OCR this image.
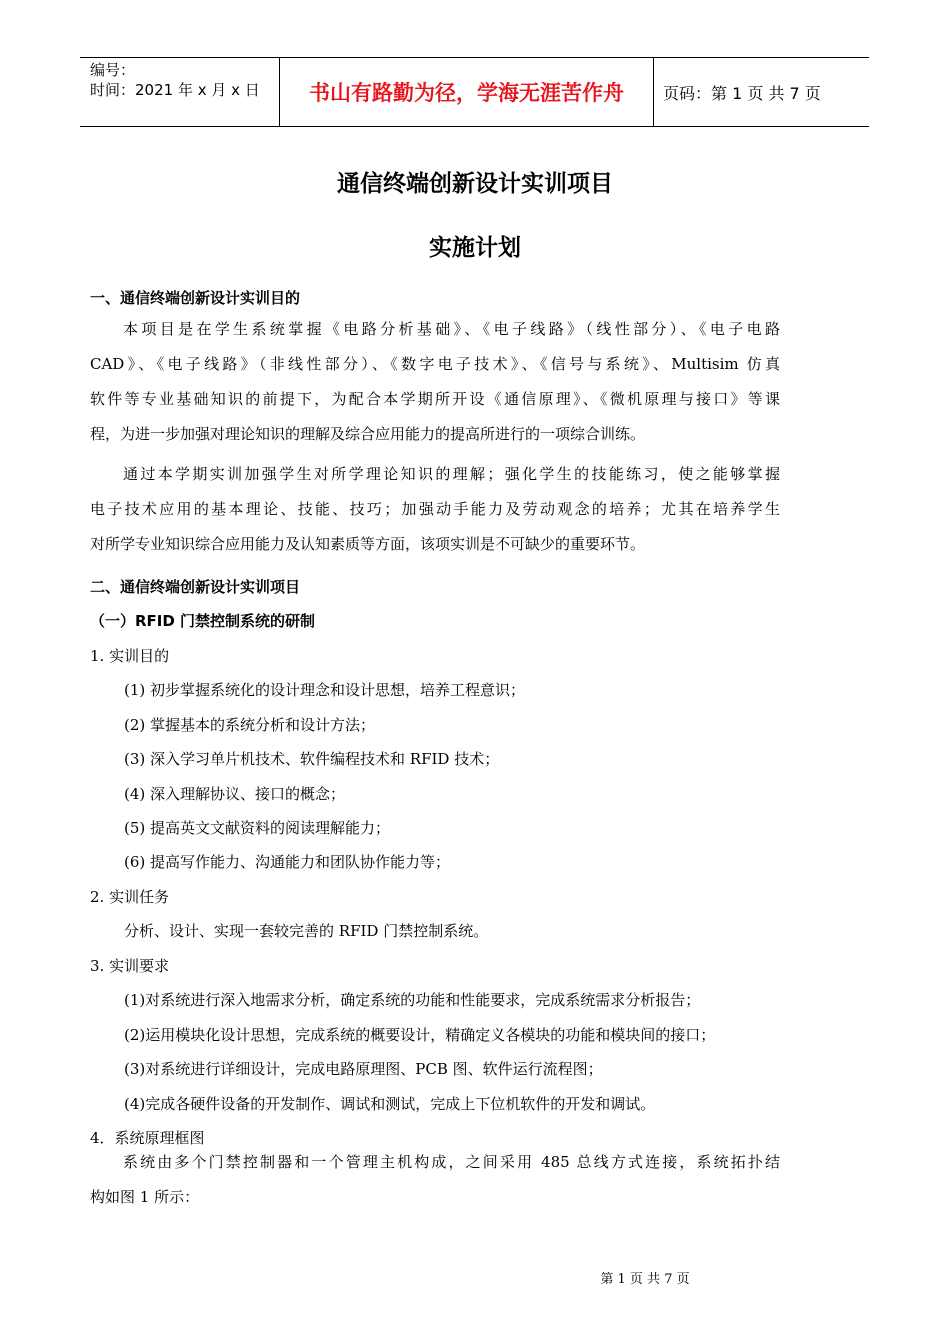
编号：
时间：2021 年 x 月 x 日	书山有路勤为径，学海无涯苦作舟	页码：第 1 页 共 7 页
通信终端创新设计实训项目
实施计划
一、通信终端创新设计实训目的
本项目是在学生系统掌握《电路分析基础》、《电子线路》（线性部分）、《电子电路
CAD》、《电子线路》（非线性部分）、《数字电子技术》、《信号与系统》、Multisim 仿真
软件等专业基础知识的前提下，为配合本学期所开设《通信原理》、《微机原理与接口》等课
程，为进一步加强对理论知识的理解及综合应用能力的提高所进行的一项综合训练。
通过本学期实训加强学生对所学理论知识的理解；强化学生的技能练习，使之能够掌握
电子技术应用的基本理论、技能、技巧；加强动手能力及劳动观念的培养；尤其在培养学生
对所学专业知识综合应用能力及认知素质等方面，该项实训是不可缺少的重要环节。
二、通信终端创新设计实训项目
（一）RFID 门禁控制系统的研制
1. 实训目的
(1) 初步掌握系统化的设计理念和设计思想，培养工程意识；
(2) 掌握基本的系统分析和设计方法；
(3) 深入学习单片机技术、软件编程技术和 RFID 技术；
(4) 深入理解协议、接口的概念；
(5) 提高英文文献资料的阅读理解能力；
(6) 提高写作能力、沟通能力和团队协作能力等；
2. 实训任务
分析、设计、实现一套较完善的 RFID 门禁控制系统。
3. 实训要求
(1)对系统进行深入地需求分析，确定系统的功能和性能要求，完成系统需求分析报告；
(2)运用模块化设计思想，完成系统的概要设计，精确定义各模块的功能和模块间的接口；
(3)对系统进行详细设计，完成电路原理图、PCB 图、软件运行流程图；
(4)完成各硬件设备的开发制作、调试和测试，完成上下位机软件的开发和调试。
4．系统原理框图
系统由多个门禁控制器和一个管理主机构成，之间采用 485 总线方式连接，系统拓扑结
构如图 1 所示：
第 1 页 共 7 页
